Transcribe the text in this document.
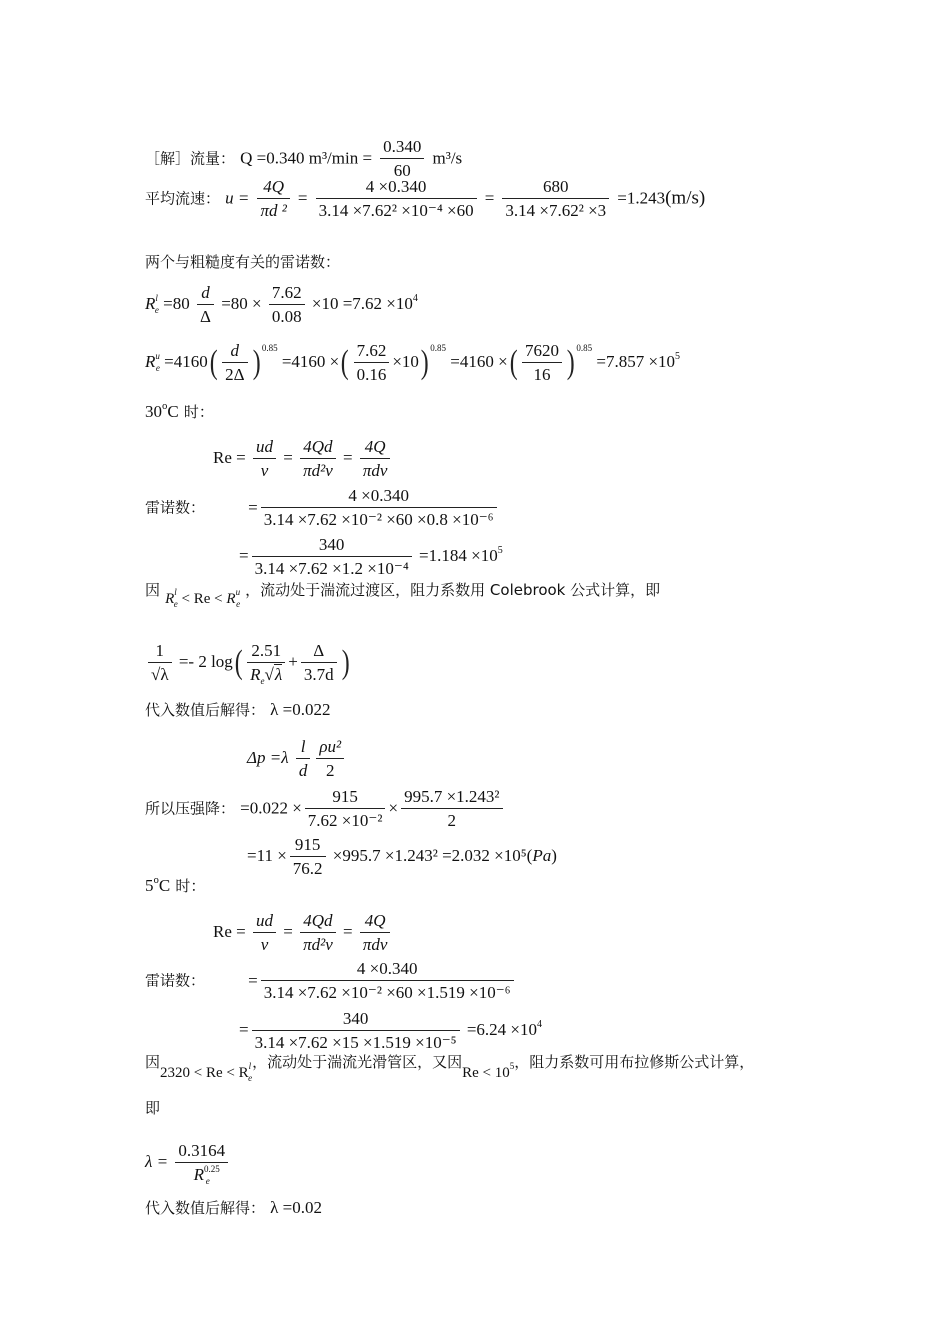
［解］流量： Q =0.340 $m^3/\min = \frac{0.340}{60} m^3/s$
平均流速： $u = \frac{4Q}{\text{πd ²}} = \frac{4 \times 0.340}{\text{3.14 ×7.62² ×10⁻⁴ ×60}} = \frac{680}{\text{3.14 ×7.62² ×3}} =1.243(m/s)$
两个与粗糙度有关的雷诺数：
$R^l_e =80 \frac{d}{\Delta} =80 \times \frac{7.62}{0.08} \times 10 =7.62 \times 10^4$
$R^u_e =4160( \frac{d}{2\Delta}$ ) $^{0.85}$ =4160 ×( $\frac{7.62}{0.16} \times 10$) $^{0.85}$ =4160 ×( $\frac{7620}{16}$ ) $^{0.85} =7.857 \times 10^5$
30$^o$C 时：
$Re = \frac{ud}{\nu} = \frac{4Qd}{\text{πd²ν}}$ =
4Q
πdν
雷诺数：	= $\frac{4 \times 0.340}{\text{3.14 ×7.62 ×10⁻² ×60 ×0.8 ×10⁻⁶}}$
= $\frac{340}{\text{3.14 ×7.62 ×1.2 ×10⁻⁴}} =1.184 \times 10^5$
因 $R^l_e < Re < R^u_e$ ，流动处于湍流过渡区，阻力系数用 Colebrook 公式计算，即
$\frac{1}{√\lambda} =- 2$ $\log( \frac{2.51}{R_e√\lambda} + \frac{\Delta}{3.7d}$ )
代入数值后解得： λ =0.022
$\Delta p =\lambda \frac{l}{d} \frac{\text{ρu²}}{2}$
所以压强降： $=0.022 \times \frac{915}{\text{7.62 ×10⁻²}} \times \frac{\text{995.7 ×1.243²}}{2}$
$=11 \times \frac{915}{76.2} \times 995.7 \times 1.243^2 =2.032 \times 10^5(Pa)$
5$^o$C 时：
$Re = \frac{ud}{\nu} = \frac{4Qd}{\text{πd²ν}}$ =
4Q
πdν
雷诺数：	= $\frac{4 \times 0.340}{\text{3.14 ×7.62 ×10⁻² ×60 ×1.519 ×10⁻⁶}}$
= $\frac{340}{\text{3.14 ×7.62 ×15 ×1.519 ×10⁻⁵}} =6.24 \times 10^4$
因$2320 < Re < R^l_e$，流动处于湍流光滑管区，又因$Re < 10^5$，阻力系数可用布拉修斯公式计算，
即
$\lambda = \frac{0.3164}{R^{0.25}_e}$
代入数值后解得： λ =0.02
